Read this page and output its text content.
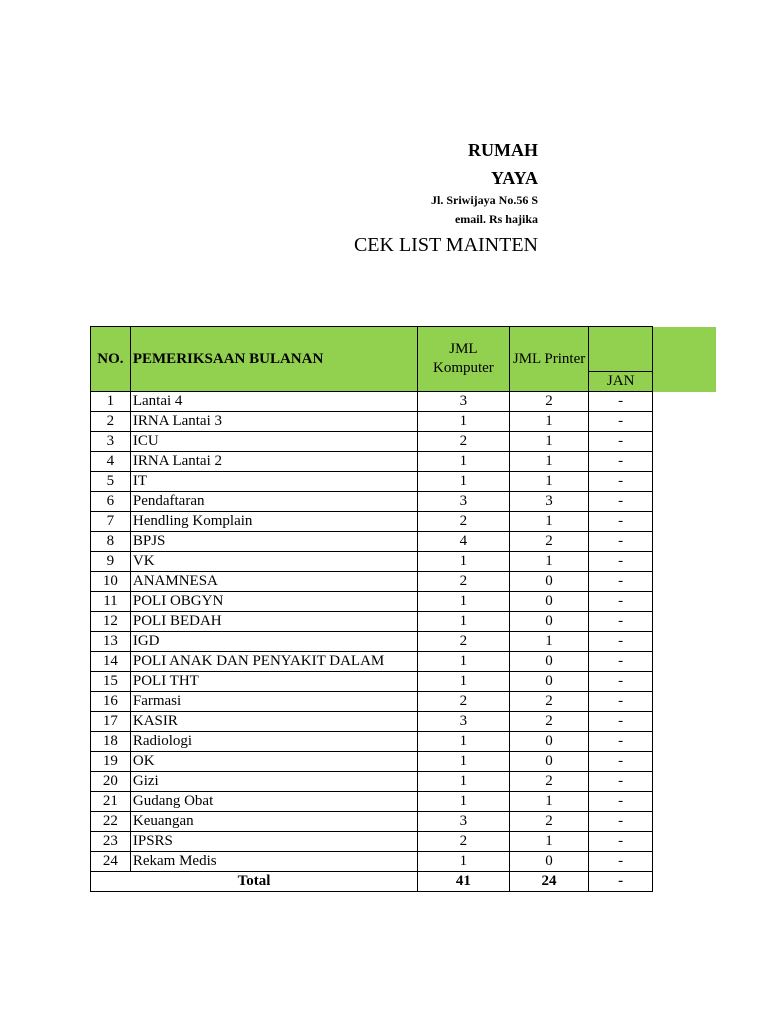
RUMAH
YAYA
Jl. Sriwijaya No.56 S
email. Rs hajika
CEK LIST MAINTEN
NO.	PEMERIKSAAN BULANAN	JML Komputer	JML Printer	
				JAN
1	Lantai 4	3	2	-
2	IRNA Lantai 3	1	1	-
3	ICU	2	1	-
4	IRNA Lantai 2	1	1	-
5	IT	1	1	-
6	Pendaftaran	3	3	-
7	Hendling Komplain	2	1	-
8	BPJS	4	2	-
9	VK	1	1	-
10	ANAMNESA	2	0	-
11	POLI OBGYN	1	0	-
12	POLI BEDAH	1	0	-
13	IGD	2	1	-
14	POLI ANAK DAN PENYAKIT DALAM	1	0	-
15	POLI THT	1	0	-
16	Farmasi	2	2	-
17	KASIR	3	2	-
18	Radiologi	1	0	-
19	OK	1	0	-
20	Gizi	1	2	-
21	Gudang Obat	1	1	-
22	Keuangan	3	2	-
23	IPSRS	2	1	-
24	Rekam Medis	1	0	-
Total		41	24	-
